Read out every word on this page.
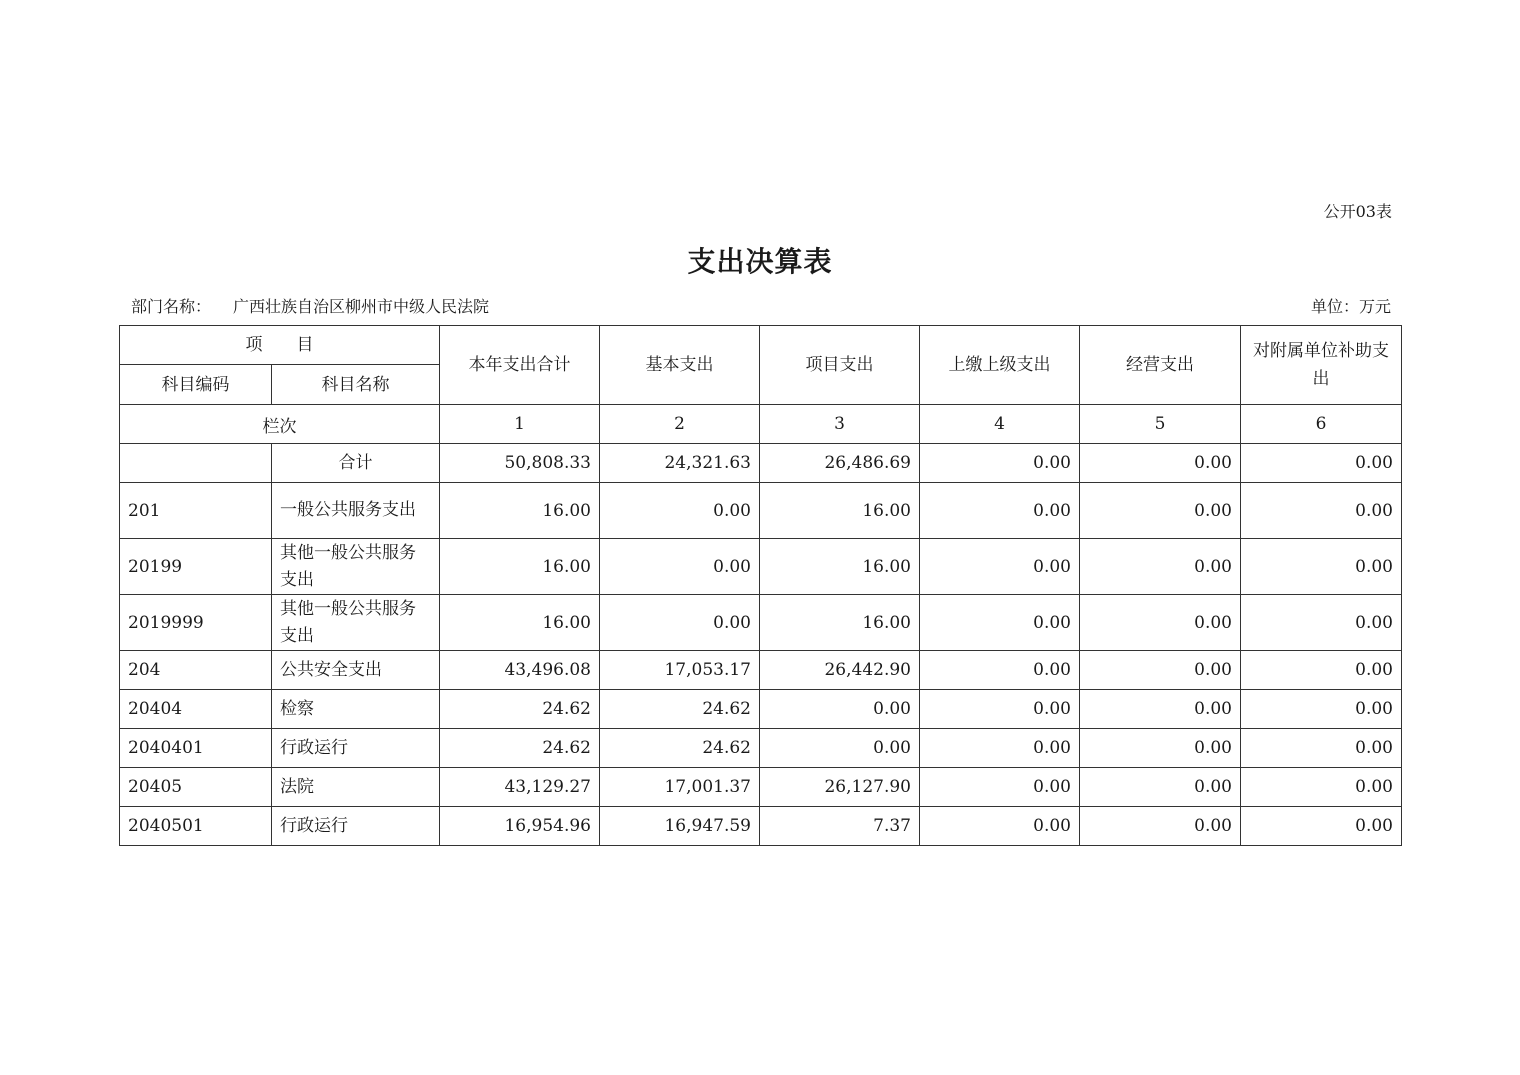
公开03表
支出决算表
部门名称： 广西壮族自治区柳州市中级人民法院	单位：万元
项　　目		本年支出合计	基本支出	项目支出	上缴上级支出	经营支出	对附属单位补助支出
科目编码	科目名称						
栏次		1	2	3	4	5	6
	合计	50,808.33	24,321.63	26,486.69	0.00	0.00	0.00
201	一般公共服务支出	16.00	0.00	16.00	0.00	0.00	0.00
20199	其他一般公共服务支出	16.00	0.00	16.00	0.00	0.00	0.00
2019999	其他一般公共服务支出	16.00	0.00	16.00	0.00	0.00	0.00
204	公共安全支出	43,496.08	17,053.17	26,442.90	0.00	0.00	0.00
20404	检察	24.62	24.62	0.00	0.00	0.00	0.00
2040401	行政运行	24.62	24.62	0.00	0.00	0.00	0.00
20405	法院	43,129.27	17,001.37	26,127.90	0.00	0.00	0.00
2040501	行政运行	16,954.96	16,947.59	7.37	0.00	0.00	0.00
